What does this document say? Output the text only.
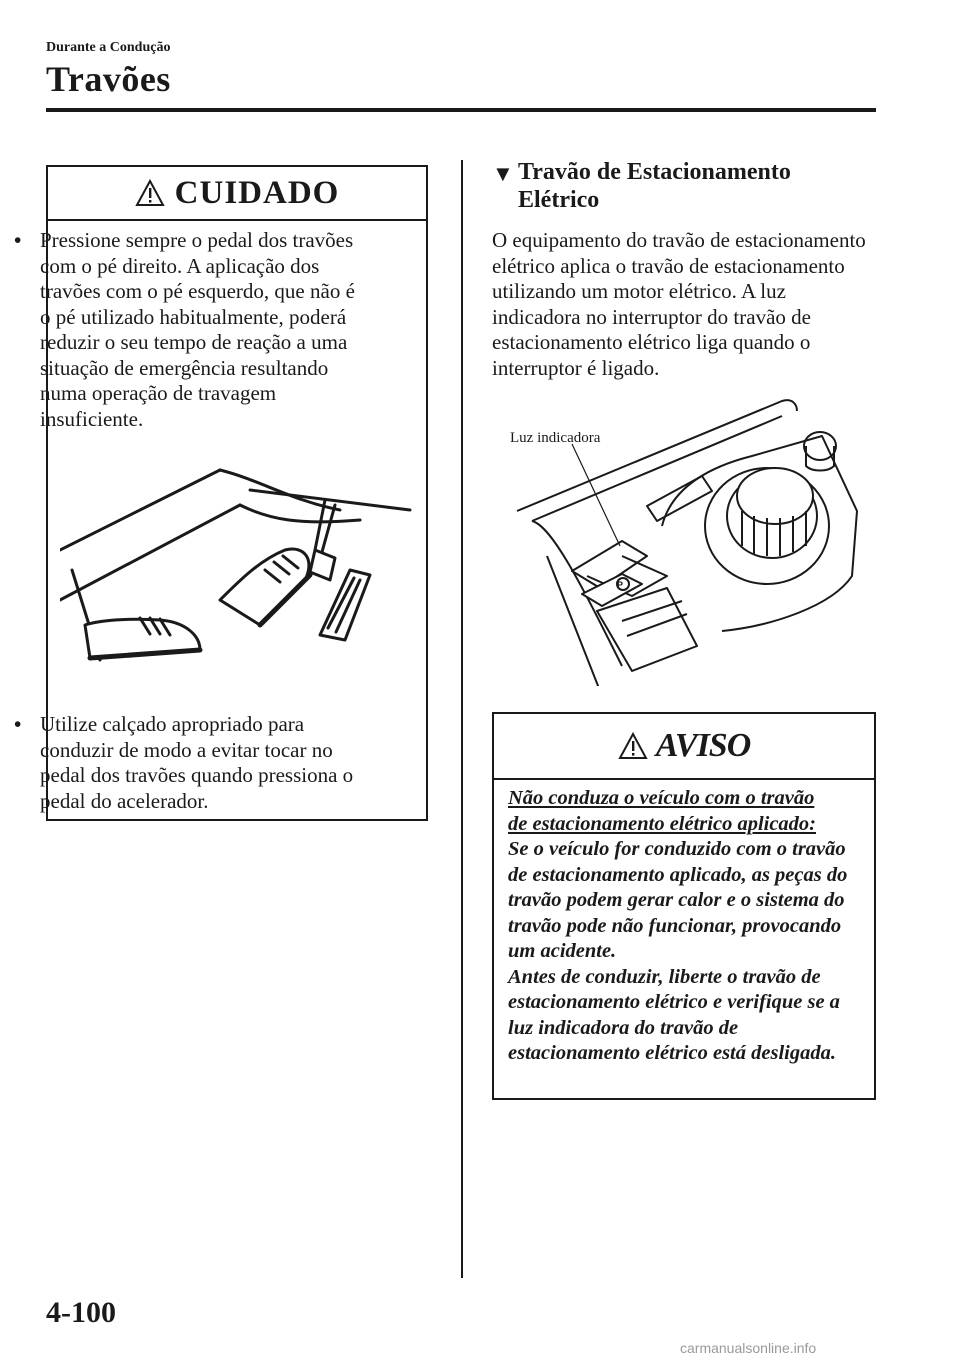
Durante a Condução
Travões
CUIDADO
• Pressione sempre o pedal dos travões com o pé direito. A aplicação dos travões com o pé esquerdo, que não é o pé utilizado habitualmente, poderá reduzir o seu tempo de reação a uma situação de emergência resultando numa operação de travagem insuficiente.
• Utilize calçado apropriado para conduzir de modo a evitar tocar no pedal dos travões quando pressiona o pedal do acelerador.
▼ Travão de Estacionamento Elétrico
O equipamento do travão de estacionamento elétrico aplica o travão de estacionamento utilizando um motor elétrico. A luz indicadora no interruptor do travão de estacionamento elétrico liga quando o interruptor é ligado.
P
Luz indicadora
AVISO
Não conduza o veículo com o travão
de estacionamento elétrico aplicado:
Se o veículo for conduzido com o travão de estacionamento aplicado, as peças do travão podem gerar calor e o sistema do travão pode não funcionar, provocando um acidente.
Antes de conduzir, liberte o travão de estacionamento elétrico e verifique se a luz indicadora do travão de estacionamento elétrico está desligada.
4-100
carmanualsonline.info
